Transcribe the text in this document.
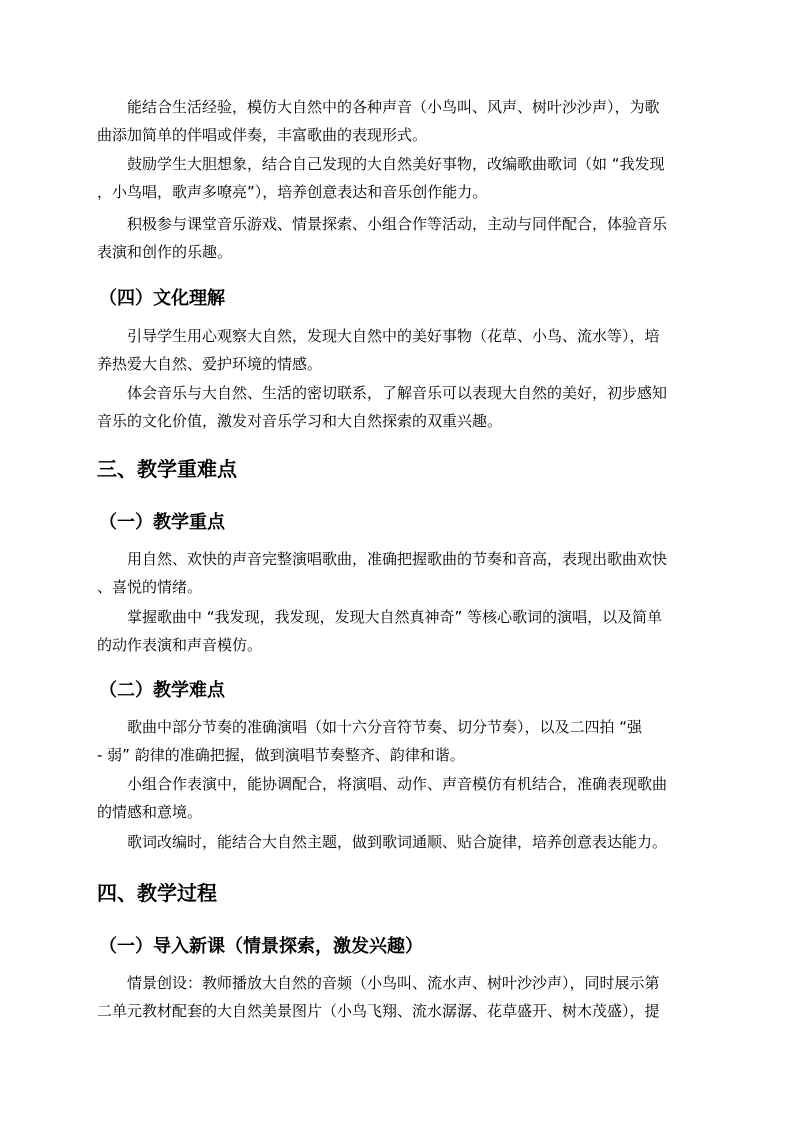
能结合生活经验，模仿大自然中的各种声音（小鸟叫、风声、树叶沙沙声），为歌
曲添加简单的伴唱或伴奏，丰富歌曲的表现形式。
鼓励学生大胆想象，结合自己发现的大自然美好事物，改编歌曲歌词（如 “我发现
，小鸟唱，歌声多嘹亮”），培养创意表达和音乐创作能力。
积极参与课堂音乐游戏、情景探索、小组合作等活动，主动与同伴配合，体验音乐
表演和创作的乐趣。
（四）文化理解
引导学生用心观察大自然，发现大自然中的美好事物（花草、小鸟、流水等），培
养热爱大自然、爱护环境的情感。
体会音乐与大自然、生活的密切联系，了解音乐可以表现大自然的美好，初步感知
音乐的文化价值，激发对音乐学习和大自然探索的双重兴趣。
三、教学重难点
（一）教学重点
用自然、欢快的声音完整演唱歌曲，准确把握歌曲的节奏和音高，表现出歌曲欢快
、喜悦的情绪。
掌握歌曲中 “我发现，我发现，发现大自然真神奇” 等核心歌词的演唱，以及简单
的动作表演和声音模仿。
（二）教学难点
歌曲中部分节奏的准确演唱（如十六分音符节奏、切分节奏），以及二四拍 “强
- 弱” 韵律的准确把握，做到演唱节奏整齐、韵律和谐。
小组合作表演中，能协调配合，将演唱、动作、声音模仿有机结合，准确表现歌曲
的情感和意境。
歌词改编时，能结合大自然主题，做到歌词通顺、贴合旋律，培养创意表达能力。
四、教学过程
（一）导入新课（情景探索，激发兴趣）
情景创设：教师播放大自然的音频（小鸟叫、流水声、树叶沙沙声），同时展示第
二单元教材配套的大自然美景图片（小鸟飞翔、流水潺潺、花草盛开、树木茂盛），提
